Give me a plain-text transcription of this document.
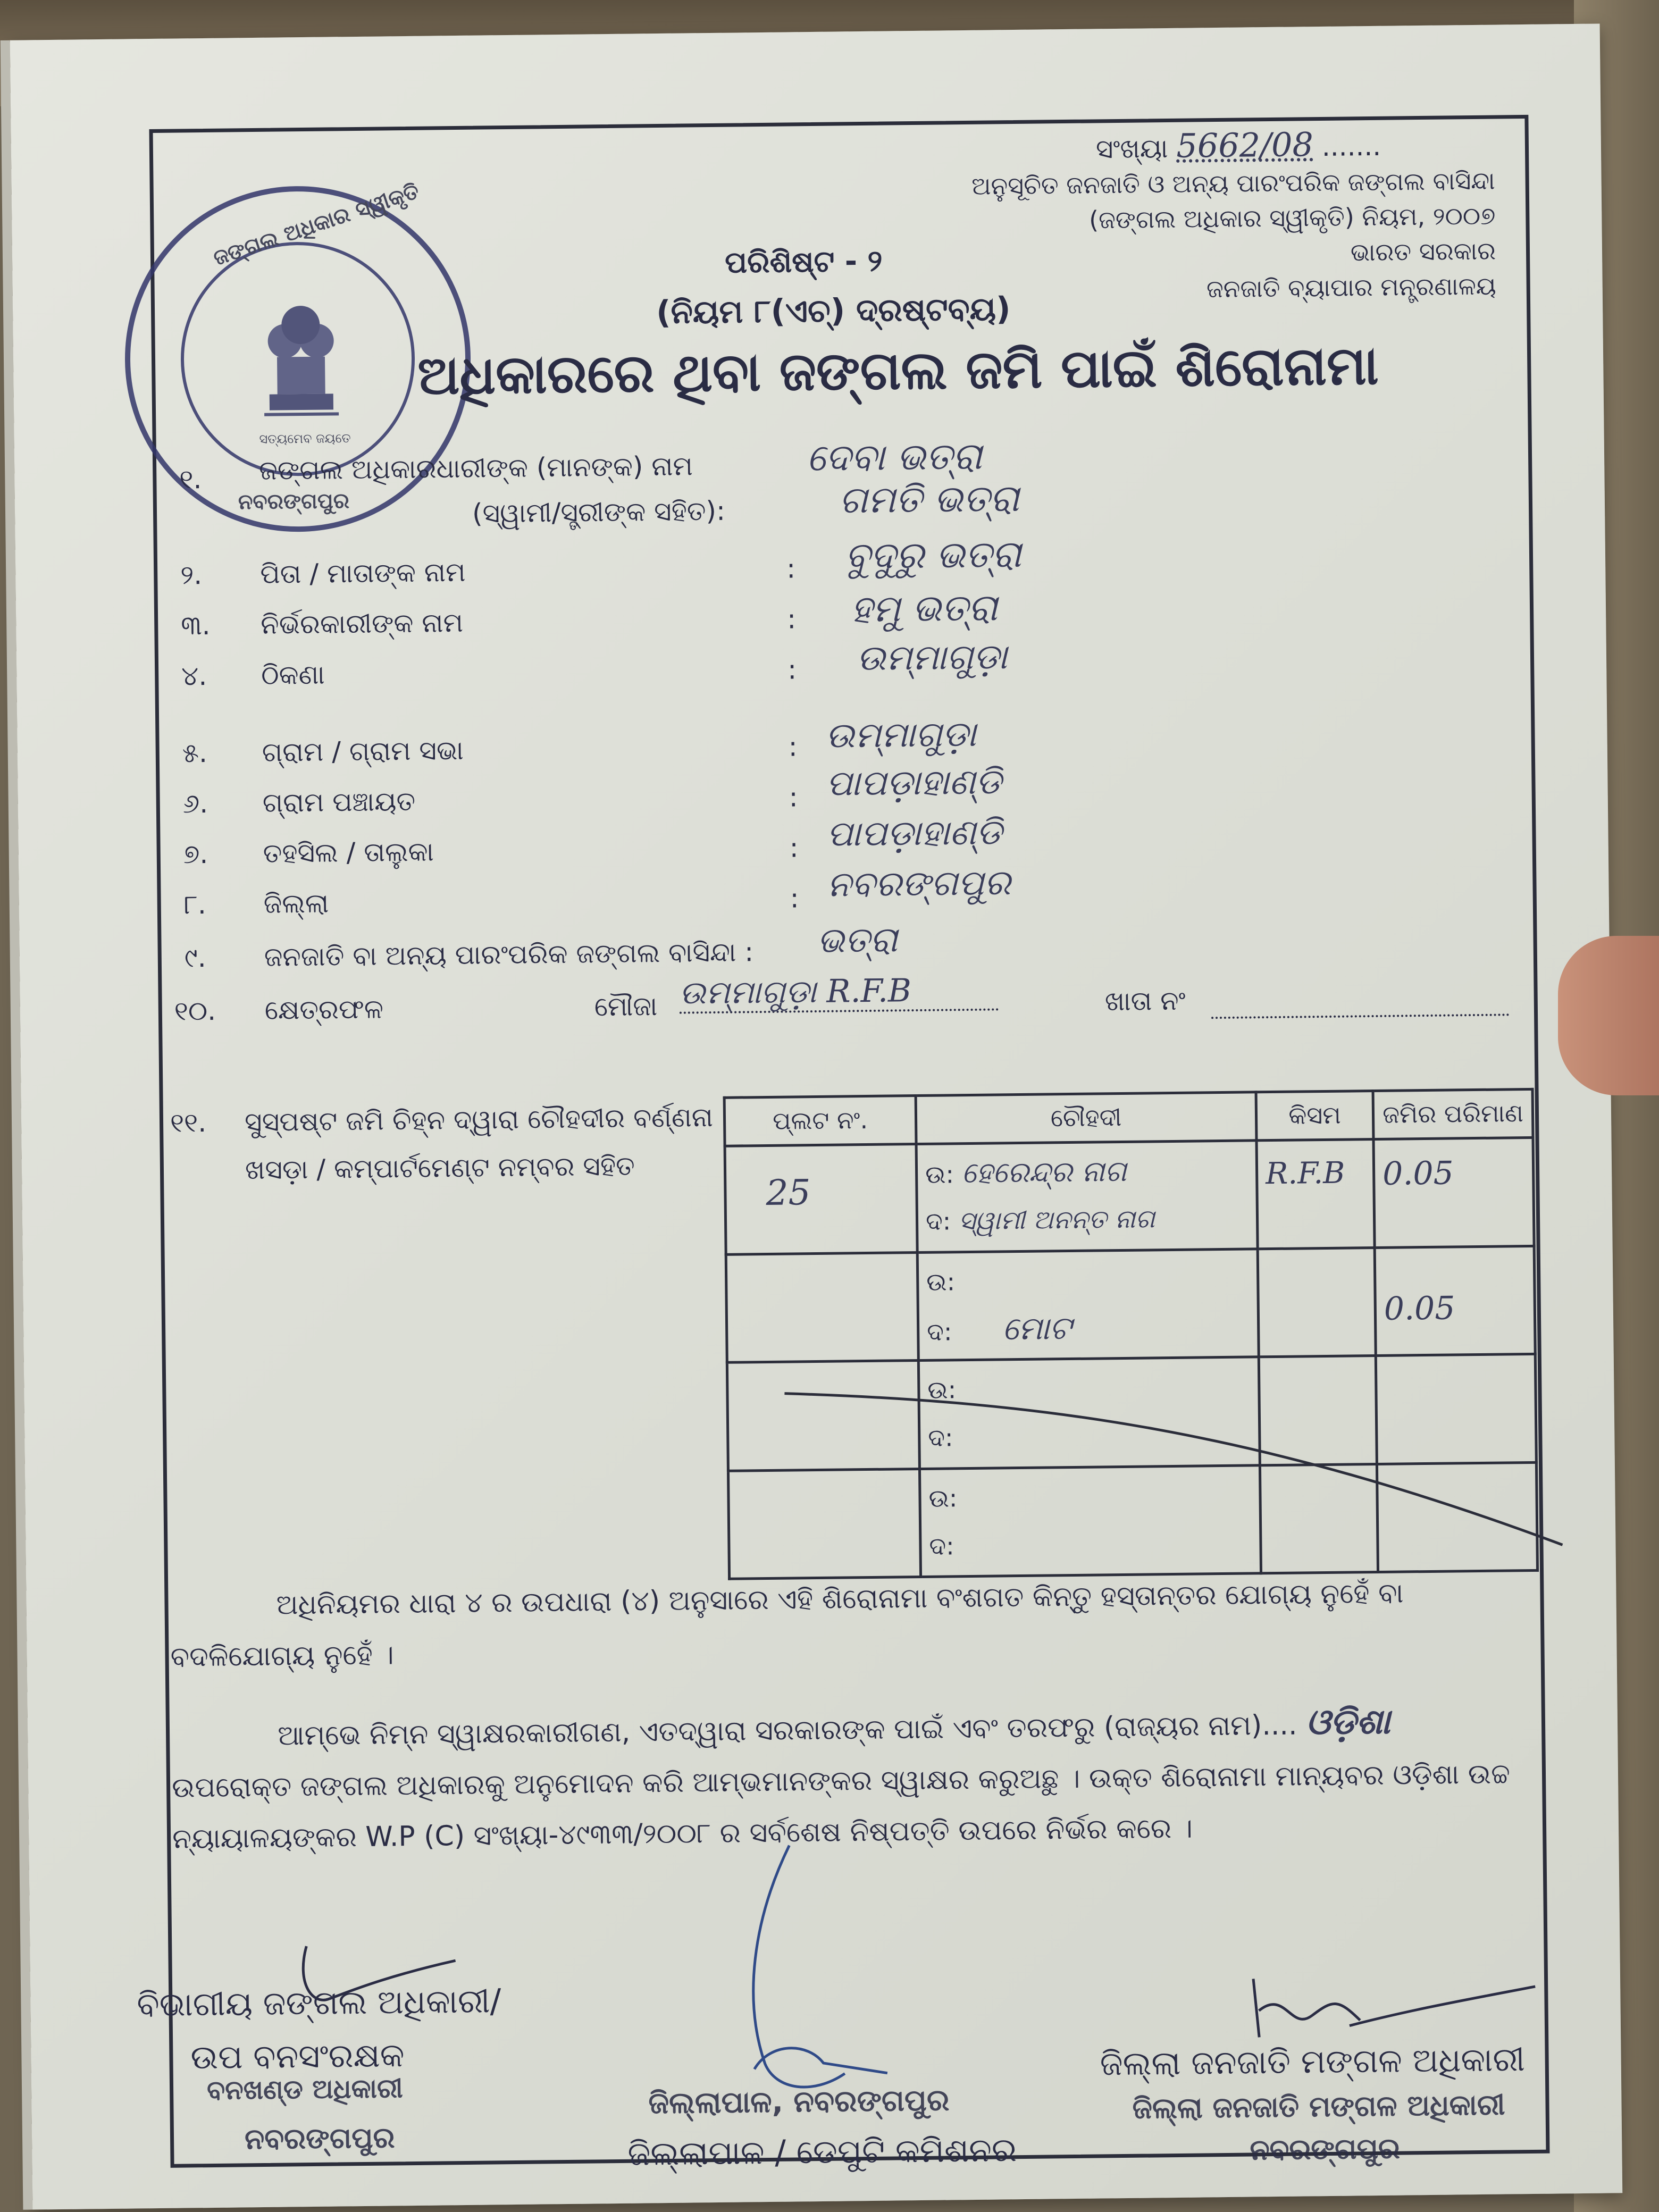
ସତ୍ୟମେବ ଜୟତେ
ଜଙ୍ଗଲ ଅଧିକାର ସ୍ୱୀକୃତି
ନବରଙ୍ଗପୁର
ସଂଖ୍ୟା 5662/08 .......
ଅନୁସୂଚିତ ଜନଜାତି ଓ ଅନ୍ୟ ପାରଂପରିକ ଜଙ୍ଗଲ ବାସିନ୍ଦା
(ଜଙ୍ଗଲ ଅଧିକାର ସ୍ୱୀକୃତି) ନିୟମ, ୨୦୦୭
ଭାରତ ସରକାର
ଜନଜାତି ବ୍ୟାପାର ମନ୍ତ୍ରଣାଳୟ
ପରିଶିଷ୍ଟ - ୨
(ନିୟମ ୮(ଏଚ୍) ଦ୍ରଷ୍ଟବ୍ୟ)
ଅଧିକାରରେ ଥିବା ଜଙ୍ଗଲ ଜମି ପାଇଁ ଶିରୋନାମା
୧. ଜଙ୍ଗଲ ଅଧିକାରଧାରୀଙ୍କ (ମାନଙ୍କ) ନାମ
(ସ୍ୱାମୀ/ସ୍ତ୍ରୀଙ୍କ ସହିତ):
ଦେବା ଭତ୍ରା
ଗମତି ଭତ୍ରା
୨. ପିତା / ମାତାଙ୍କ ନାମ	: ବୁଦୁରୁ ଭତ୍ରା
୩. ନିର୍ଭରକାରୀଙ୍କ ନାମ	: ହମୁ ଭତ୍ରା
୪. ଠିକଣା	: ଉମ୍ମାଗୁଡ଼ା
୫. ଗ୍ରାମ / ଗ୍ରାମ ସଭା	: ଉମ୍ମାଗୁଡ଼ା
୬. ଗ୍ରାମ ପଞ୍ଚାୟତ	: ପାପଡ଼ାହାଣ୍ଡି
୭. ତହସିଲ / ତାଲୁକା	: ପାପଡ଼ାହାଣ୍ଡି
୮. ଜିଲ୍ଲା	: ନବରଙ୍ଗପୁର
୯. ଜନଜାତି ବା ଅନ୍ୟ ପାରଂପରିକ ଜଙ୍ଗଲ ବାସିନ୍ଦା : ଭତ୍ରା
୧୦. କ୍ଷେତ୍ରଫଳ	ମୌଜା ଉମ୍ମାଗୁଡ଼ା R.F.B	ଖାତା ନଂ
୧୧. ସୁସ୍ପଷ୍ଟ ଜମି ଚିହ୍ନ ଦ୍ୱାରା ଚୌହଦୀର ବର୍ଣ୍ଣନା
ଖସଡ଼ା / କମ୍ପାର୍ଟମେଣ୍ଟ ନମ୍ବର ସହିତ
ପ୍ଲଟ ନଂ.	ଚୌହଦୀ	କିସମ	ଜମିର ପରିମାଣ

25	ଉ: ହେରେନ୍ଦ୍ର ନାଗ
ଦ: ସ୍ୱାମୀ ଅନନ୍ତ ନାଗ	R.F.B	0.05

	ଉ:
ଦ: ମୋଟ		0.05

	ଉ:
ଦ:		

	ଉ:
ଦ:		

ଅଧିନିୟମର ଧାରା ୪ ର ଉପଧାରା (୪) ଅନୁସାରେ ଏହି ଶିରୋନାମା ବଂଶଗତ କିନ୍ତୁ ହସ୍ତାନ୍ତର ଯୋଗ୍ୟ ନୁହେଁ ବା ବଦଳିଯୋଗ୍ୟ ନୁହେଁ ।
ଆମ୍ଭେ ନିମ୍ନ ସ୍ୱାକ୍ଷରକାରୀଗଣ, ଏତଦ୍ୱାରା ସରକାରଙ୍କ ପାଇଁ ଏବଂ ତରଫରୁ (ରାଜ୍ୟର ନାମ).... ଓଡ଼ିଶା
ଉପରୋକ୍ତ ଜଙ୍ଗଲ ଅଧିକାରକୁ ଅନୁମୋଦନ କରି ଆମ୍ଭମାନଙ୍କର ସ୍ୱାକ୍ଷର କରୁଅଛୁ । ଉକ୍ତ ଶିରୋନାମା ମାନ୍ୟବର ଓଡ଼ିଶା ଉଚ୍ଚ
ନ୍ୟାୟାଳୟଙ୍କର W.P (C) ସଂଖ୍ୟା-୪୯୩୩/୨୦୦୮ ର ସର୍ବଶେଷ ନିଷ୍ପତ୍ତି ଉପରେ ନିର୍ଭର କରେ ।
ବିଭାଗୀୟ ଜଙ୍ଗଲ ଅଧିକାରୀ/
ଉପ ବନସଂରକ୍ଷକ
ବନଖଣ୍ଡ ଅଧିକାରୀ
ନବରଙ୍ଗପୁର
ଜିଲ୍ଲାପାଳ, ନବରଙ୍ଗପୁର
ଜିଲ୍ଲାପାଳ / ଡେପୁଟି କମିଶନର
ଜିଲ୍ଲା ଜନଜାତି ମଙ୍ଗଳ ଅଧିକାରୀ
ଜିଲ୍ଲା ଜନଜାତି ମଙ୍ଗଳ ଅଧିକାରୀ
ନବରଙ୍ଗପୁର
